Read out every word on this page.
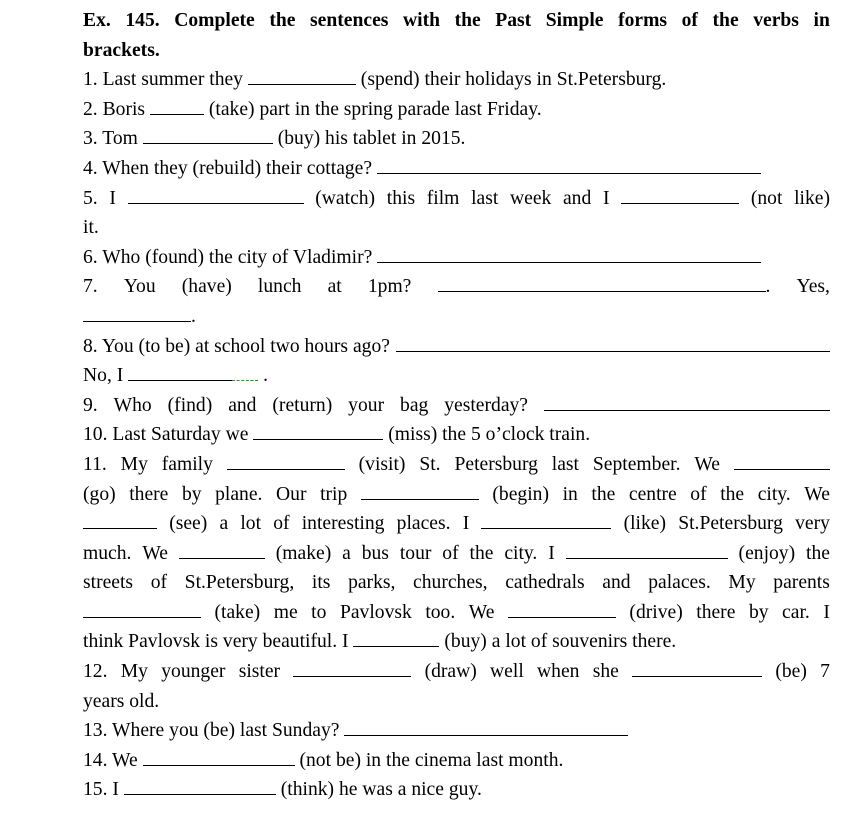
Ex. 145. Complete the sentences with the Past Simple forms of the verbs in
brackets.
1. Last summer they	(spend) their holidays in St.Petersburg.
2. Boris	(take) part in the spring parade last Friday.
3. Tom	(buy) his tablet in 2015.
4. When they (rebuild) their cottage?
5. I	(watch) this film last week and I	(not like)
it.
6. Who (found) the city of Vladimir?
7. You (have) lunch at 1pm?	. Yes,
.
8. You (to be) at school two hours ago?
No, I	.
9. Who (find) and (return) your bag yesterday?
10. Last Saturday we	(miss) the 5 o’clock train.
11. My family	(visit) St. Petersburg last September. We
(go) there by plane. Our trip	(begin) in the centre of the city. We
(see) a lot of interesting places. I	(like) St.Petersburg very
much. We	(make) a bus tour of the city. I	(enjoy) the
streets of St.Petersburg, its parks, churches, cathedrals and palaces. My parents
(take) me to Pavlovsk too. We	(drive) there by car. I
think Pavlovsk is very beautiful. I	(buy) a lot of souvenirs there.
12. My younger sister	(draw) well when she	(be) 7
years old.
13. Where you (be) last Sunday?
14. We	(not be) in the cinema last month.
15. I	(think) he was a nice guy.
